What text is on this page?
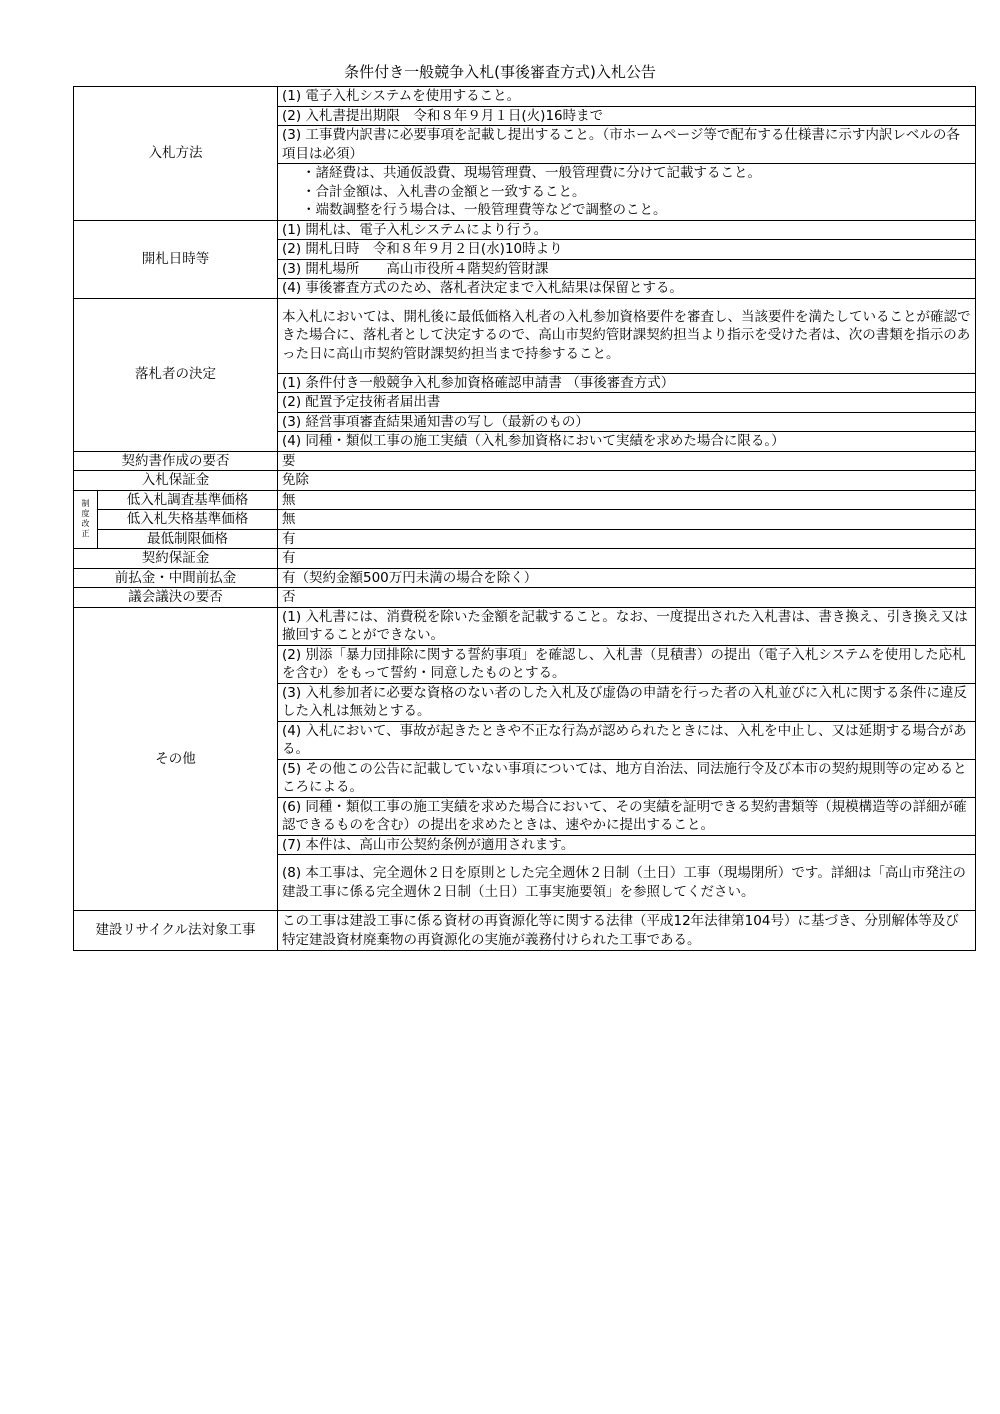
条件付き一般競争入札(事後審査方式)入札公告
入札方法		(1) 電子入札システムを使用すること。
		(2) 入札書提出期限　令和８年９月１日(火)16時まで
		(3) 工事費内訳書に必要事項を記載し提出すること。（市ホームページ等で配布する仕様書に示す内訳レベルの各項目は必須）

		・諸経費は、共通仮設費、現場管理費、一般管理費に分けて記載すること。
・合計金額は、入札書の金額と一致すること。
・端数調整を行う場合は、一般管理費等などで調整のこと。

開札日時等		(1) 開札は、電子入札システムにより行う。
		(2) 開札日時　令和８年９月２日(水)10時より
		(3) 開札場所　　高山市役所４階契約管財課
		(4) 事後審査方式のため、落札者決定まで入札結果は保留とする。
落札者の決定		本入札においては、開札後に最低価格入札者の入札参加資格要件を審査し、当該要件を満たしていることが確認できた場合に、落札者として決定するので、高山市契約管財課契約担当より指示を受けた者は、次の書類を指示のあった日に高山市契約管財課契約担当まで持参すること。
		(1) 条件付き一般競争入札参加資格確認申請書 （事後審査方式）
		(2) 配置予定技術者届出書
		(3) 経営事項審査結果通知書の写し（最新のもの）
		(4) 同種・類似工事の施工実績（入札参加資格において実績を求めた場合に限る。）
契約書作成の要否		要
入札保証金		免除

制
度
改
正	低入札調査基準価格	無
	低入札失格基準価格	無
	最低制限価格	有
契約保証金		有
前払金・中間前払金		有（契約金額500万円未満の場合を除く）
議会議決の要否		否
その他		(1) 入札書には、消費税を除いた金額を記載すること。なお、一度提出された入札書は、書き換え、引き換え又は撤回することができない。
		(2) 別添「暴力団排除に関する誓約事項」を確認し、入札書（見積書）の提出（電子入札システムを使用した応札を含む）をもって誓約・同意したものとする。
		(3) 入札参加者に必要な資格のない者のした入札及び虚偽の申請を行った者の入札並びに入札に関する条件に違反した入札は無効とする。
		(4) 入札において、事故が起きたときや不正な行為が認められたときには、入札を中止し、又は延期する場合がある。
		(5) その他この公告に記載していない事項については、地方自治法、同法施行令及び本市の契約規則等の定めるところによる。
		(6) 同種・類似工事の施工実績を求めた場合において、その実績を証明できる契約書類等（規模構造等の詳細が確認できるものを含む）の提出を求めたときは、速やかに提出すること。
		(7) 本件は、高山市公契約条例が適用されます。
		(8) 本工事は、完全週休２日を原則とした完全週休２日制（土日）工事（現場閉所）です。詳細は「高山市発注の建設工事に係る完全週休２日制（土日）工事実施要領」を参照してください。
建設リサイクル法対象工事		この工事は建設工事に係る資材の再資源化等に関する法律（平成12年法律第104号）に基づき、分別解体等及び特定建設資材廃棄物の再資源化の実施が義務付けられた工事である。
